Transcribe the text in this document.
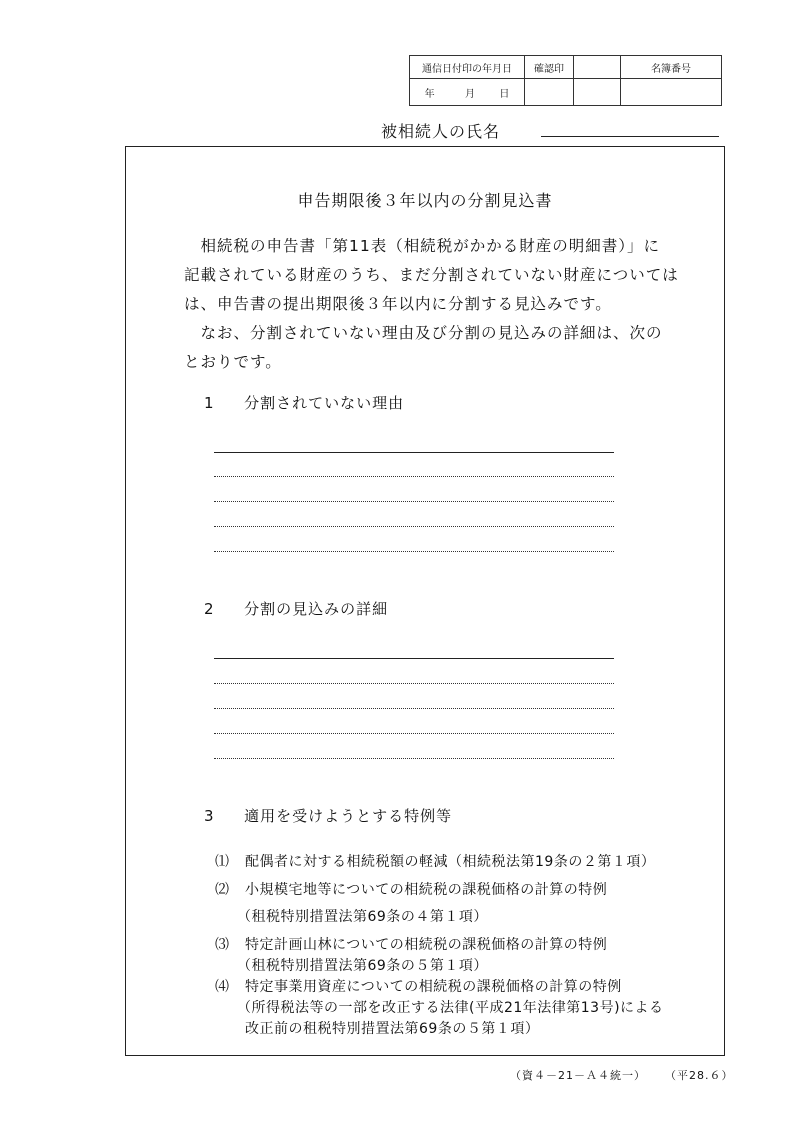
通信日付印の年月日	確認印		名簿番号
年 月 日			
被相続人の氏名
申告期限後３年以内の分割見込書
　相続税の申告書「第11表（相続税がかかる財産の明細書）」に
記載されている財産のうち、まだ分割されていない財産については
は、申告書の提出期限後３年以内に分割する見込みです。
　なお、分割されていない理由及び分割の見込みの詳細は、次の
とおりです。
1 分割されていない理由
2 分割の見込みの詳細
3 適用を受けようとする特例等
⑴ 配偶者に対する相続税額の軽減（相続税法第19条の２第１項）
⑵ 小規模宅地等についての相続税の課税価格の計算の特例
（租税特別措置法第69条の４第１項）
⑶ 特定計画山林についての相続税の課税価格の計算の特例
（租税特別措置法第69条の５第１項）
⑷ 特定事業用資産についての相続税の課税価格の計算の特例
（所得税法等の一部を改正する法律(平成21年法律第13号)による
改正前の租税特別措置法第69条の５第１項）
（資４－21－Ａ４統一） （平28.６）
